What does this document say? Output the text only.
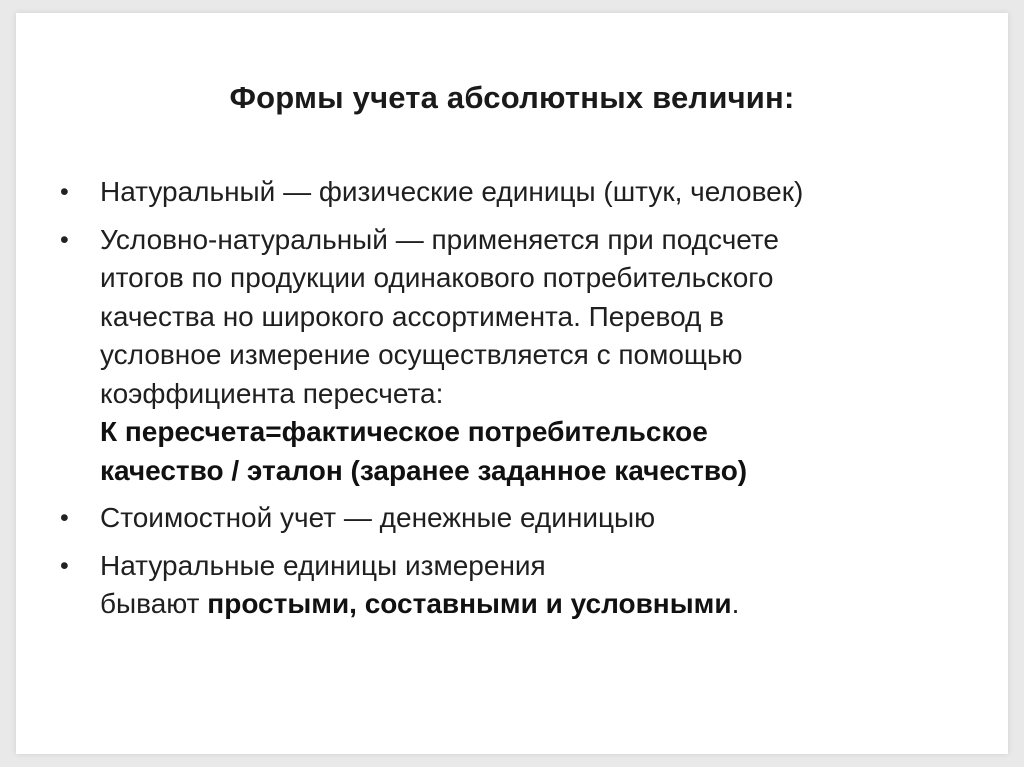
Формы учета абсолютных величин:
• Натуральный — физические единицы (штук, человек)
• Условно-натуральный — применяется при подсчете
итогов по продукции одинакового потребительского
качества но широкого ассортимента. Перевод в
условное измерение осуществляется с помощью
коэффициента пересчета:
К пересчета=фактическое потребительское
качество / эталон (заранее заданное качество)
• Стоимостной учет — денежные единицыю
• Натуральные единицы измерения
бывают простыми, составными и условными.
